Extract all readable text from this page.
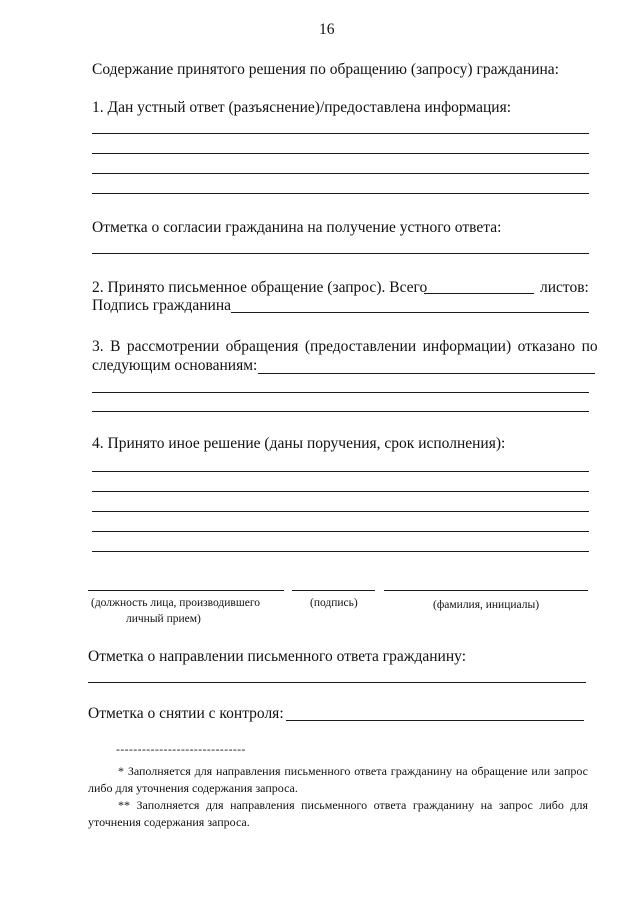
16
Содержание принятого решения по обращению (запросу) гражданина:
1. Дан устный ответ (разъяснение)/предоставлена информация:
Отметка о согласии гражданина на получение устного ответа:
2. Принято письменное обращение (запрос). Всего	листов:
Подпись гражданина
3. В рассмотрении обращения (предоставлении информации) отказано по
следующим основаниям:
4. Принято иное решение (даны поручения, срок исполнения):
(должность лица, производившего
личный прием)
(подпись)	(фамилия, инициалы)
Отметка о направлении письменного ответа гражданину:
Отметка о снятии с контроля:
------------------------------
* Заполняется для направления письменного ответа гражданину на обращение или запрос либо для уточнения содержания запроса.
** Заполняется для направления письменного ответа гражданину на запрос либо для уточнения содержания запроса.
